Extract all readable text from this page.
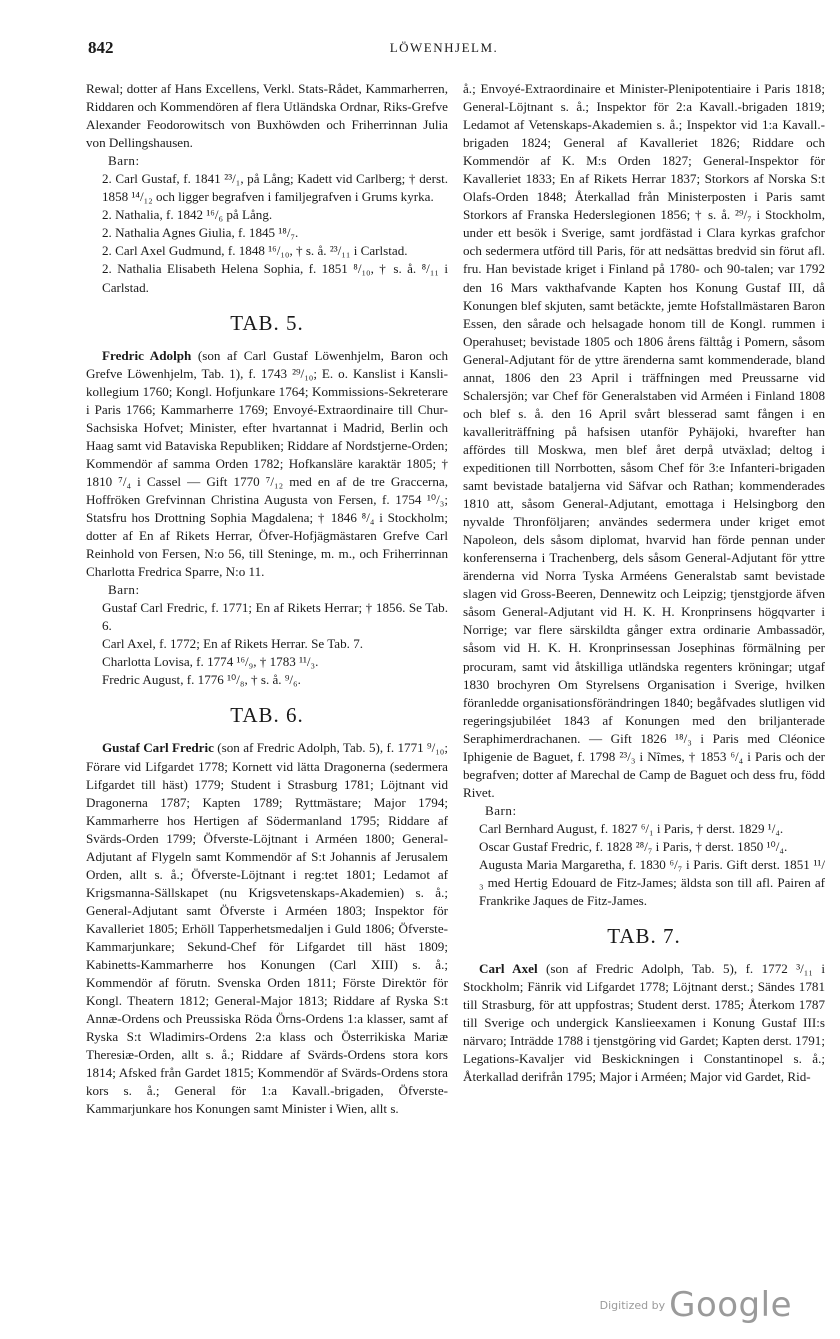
842	LÖWENHJELM.

Rewal; dotter af Hans Excellens, Verkl. Stats-Rådet, Kammarherren, Riddaren och Kommendören af flera Utländska Ordnar, Riks-Grefve Alexander Feodorowitsch von Buxhöwden och Friherrinnan Julia von Dellingshausen.

Barn:

2. Carl Gustaf, f. 1841 ²³/₁, på Lång; Kadett vid Carlberg; † derst. 1858 ¹⁴/₁₂ och ligger begrafven i familjegrafven i Grums kyrka.

2. Nathalia, f. 1842 ¹⁶/₆ på Lång.

2. Nathalia Agnes Giulia, f. 1845 ¹⁸/₇.

2. Carl Axel Gudmund, f. 1848 ¹⁶/₁₀, † s. å. ²³/₁₁ i Carlstad.

2. Nathalia Elisabeth Helena Sophia, f. 1851 ⁸/₁₀, † s. å. ⁸/₁₁ i Carlstad.

TAB. 5.

Fredric Adolph (son af Carl Gustaf Löwenhjelm, Baron och Grefve Löwenhjelm, Tab. 1), f. 1743 ²⁹/₁₀; E. o. Kanslist i Kansli-kollegium 1760; Kongl. Hofjunkare 1764; Kommissions-Sekreterare i Paris 1766; Kammarherre 1769; Envoyé-Extraordinaire till Chur-Sachsiska Hofvet; Minister, efter hvartannat i Madrid, Berlin och Haag samt vid Bataviska Republiken; Riddare af Nordstjerne-Orden; Kommendör af samma Orden 1782; Hofkansläre karaktär 1805; † 1810 ⁷/₄ i Cassel — Gift 1770 ⁷/₁₂ med en af de tre Graccerna, Hoffröken Grefvinnan Christina Augusta von Fersen, f. 1754 ¹⁰/₃; Statsfru hos Drottning Sophia Magdalena; † 1846 ⁸/₄ i Stockholm; dotter af En af Rikets Herrar, Öfver-Hofjägmästaren Grefve Carl Reinhold von Fersen, N:o 56, till Steninge, m. m., och Friherrinnan Charlotta Fredrica Sparre, N:o 11.

Barn:

Gustaf Carl Fredric, f. 1771; En af Rikets Herrar; † 1856. Se Tab. 6.

Carl Axel, f. 1772; En af Rikets Herrar. Se Tab. 7.

Charlotta Lovisa, f. 1774 ¹⁶/₉, † 1783 ¹¹/₃.

Fredric August, f. 1776 ¹⁰/₈, † s. å. ⁹/₆.

TAB. 6.

Gustaf Carl Fredric (son af Fredric Adolph, Tab. 5), f. 1771 ⁹/₁₀; Förare vid Lifgardet 1778; Kornett vid lätta Dragonerna (sedermera Lifgardet till häst) 1779; Student i Strasburg 1781; Löjtnant vid Dragonerna 1787; Kapten 1789; Ryttmästare; Major 1794; Kammarherre hos Hertigen af Södermanland 1795; Riddare af Svärds-Orden 1799; Öfverste-Löjtnant i Arméen 1800; General-Adjutant af Flygeln samt Kommendör af S:t Johannis af Jerusalem Orden, allt s. å.; Öfverste-Löjtnant i reg:tet 1801; Ledamot af Krigsmanna-Sällskapet (nu Krigsvetenskaps-Akademien) s. å.; General-Adjutant samt Öfverste i Arméen 1803; Inspektor för Kavalleriet 1805; Erhöll Tapperhetsmedaljen i Guld 1806; Öfverste-Kammarjunkare; Sekund-Chef för Lifgardet till häst 1809; Kabinetts-Kammarherre hos Konungen (Carl XIII) s. å.; Kommendör af förutn. Svenska Orden 1811; Förste Direktör för Kongl. Theatern 1812; General-Major 1813; Riddare af Ryska S:t Annæ-Ordens och Preussiska Röda Örns-Ordens 1:a klasser, samt af Ryska S:t Wladimirs-Ordens 2:a klass och Österrikiska Mariæ Theresiæ-Orden, allt s. å.; Riddare af Svärds-Ordens stora kors 1814; Afsked från Gardet 1815; Kommendör af Svärds-Ordens stora kors s. å.; General för 1:a Kavall.-brigaden, Öfverste-Kammarjunkare hos Konungen samt Minister i Wien, allt s.

å.; Envoyé-Extraordinaire et Minister-Plenipotentiaire i Paris 1818; General-Löjtnant s. å.; Inspektor för 2:a Kavall.-brigaden 1819; Ledamot af Vetenskaps-Akademien s. å.; Inspektor vid 1:a Kavall.-brigaden 1824; General af Kavalleriet 1826; Riddare och Kommendör af K. M:s Orden 1827; General-Inspektor för Kavalleriet 1833; En af Rikets Herrar 1837; Storkors af Norska S:t Olafs-Orden 1848; Återkallad från Ministerposten i Paris samt Storkors af Franska Hederslegionen 1856; † s. å. ²⁹/₇ i Stockholm, under ett besök i Sverige, samt jordfästad i Clara kyrkas grafchor och sedermera utförd till Paris, för att nedsättas bredvid sin förut afl. fru. Han bevistade kriget i Finland på 1780- och 90-talen; var 1792 den 16 Mars vakthafvande Kapten hos Konung Gustaf III, då Konungen blef skjuten, samt betäckte, jemte Hofstallmästaren Baron Essen, den sårade och helsagade honom till de Kongl. rummen i Operahuset; bevistade 1805 och 1806 årens fälttåg i Pomern, såsom General-Adjutant för de yttre ärenderna samt kommenderade, bland annat, 1806 den 23 April i träffningen med Preussarne vid Schalersjön; var Chef för Generalstaben vid Arméen i Finland 1808 och blef s. å. den 16 April svårt blesserad samt fången i en kavalleriträffning på hafsisen utanför Pyhäjoki, hvarefter han affördes till Moskwa, men blef året derpå utväxlad; deltog i expeditionen till Norrbotten, såsom Chef för 3:e Infanteri-brigaden samt bevistade bataljerna vid Säfvar och Rathan; kommenderades 1810 att, såsom General-Adjutant, emottaga i Helsingborg den nyvalde Thronföljaren; användes sedermera under kriget emot Napoleon, dels såsom diplomat, hvarvid han förde pennan under konferenserna i Trachenberg, dels såsom General-Adjutant för yttre ärenderna vid Norra Tyska Arméens Generalstab samt bevistade slagen vid Gross-Beeren, Dennewitz och Leipzig; tjenstgjorde äfven såsom General-Adjutant vid H. K. H. Kronprinsens högqvarter i Norrige; var flere särskildta gånger extra ordinarie Ambassadör, såsom vid H. K. H. Kronprinsessan Josephinas förmälning per procuram, samt vid åtskilliga utländska regenters kröningar; utgaf 1830 brochyren Om Styrelsens Organisation i Sverige, hvilken föranledde organisationsförändringen 1840; begåfvades slutligen vid regeringsjubiléet 1843 af Konungen med den briljanterade Seraphimerdrachanen. — Gift 1826 ¹⁸/₃ i Paris med Cléonice Iphigenie de Baguet, f. 1798 ²³/₃ i Nîmes, † 1853 ⁶/₄ i Paris och der begrafven; dotter af Marechal de Camp de Baguet och dess fru, född Rivet.

Barn:

Carl Bernhard August, f. 1827 ⁶/₁ i Paris, † derst. 1829 ¹/₄.

Oscar Gustaf Fredric, f. 1828 ²⁸/₇ i Paris, † derst. 1850 ¹⁰/₄.

Augusta Maria Margaretha, f. 1830 ⁶/₇ i Paris. Gift derst. 1851 ¹¹/₃ med Hertig Edouard de Fitz-James; äldsta son till afl. Pairen af Frankrike Jaques de Fitz-James.

TAB. 7.

Carl Axel (son af Fredric Adolph, Tab. 5), f. 1772 ³/₁₁ i Stockholm; Fänrik vid Lifgardet 1778; Löjtnant derst.; Sändes 1781 till Strasburg, för att uppfostras; Student derst. 1785; Återkom 1787 till Sverige och undergick Kanslieexamen i Konung Gustaf III:s närvaro; Inträdde 1788 i tjenstgöring vid Gardet; Kapten derst. 1791; Legations-Kavaljer vid Beskickningen i Constantinopel s. å.; Återkallad derifrån 1795; Major i Arméen; Major vid Gardet, Rid-

Digitized by Google
